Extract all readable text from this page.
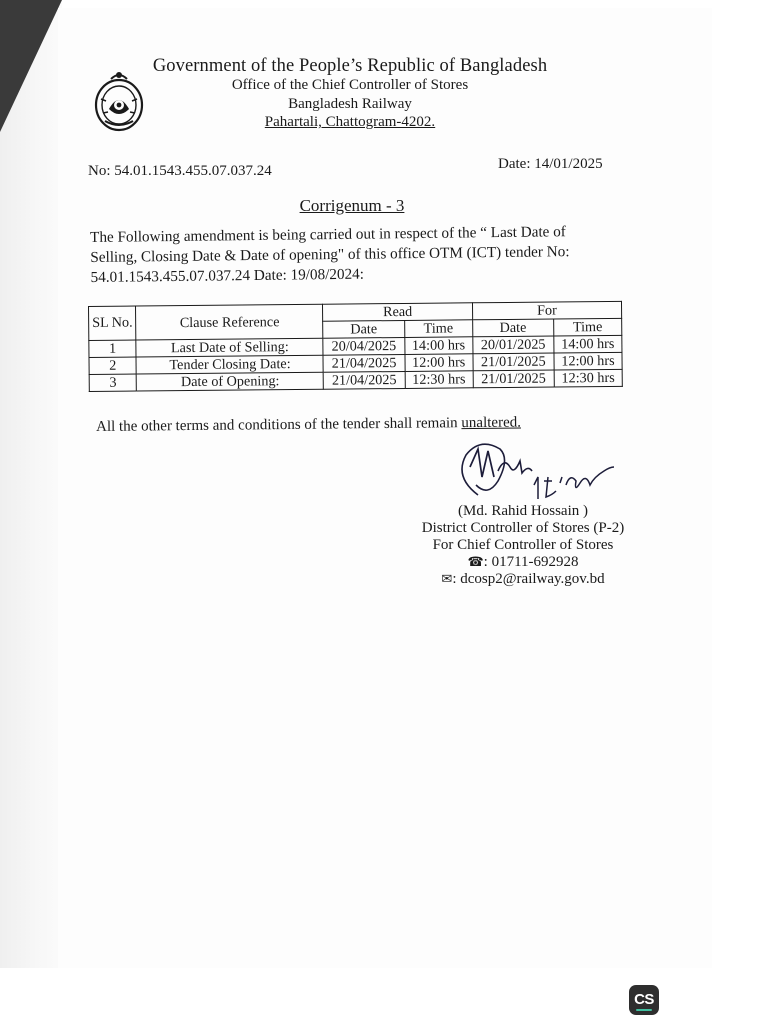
Government of the People’s Republic of Bangladesh
Office of the Chief Controller of Stores
Bangladesh Railway
Pahartali, Chattogram-4202.
No: 54.01.1543.455.07.037.24	Date: 14/01/2025
Corrigenum - 3
The Following amendment is being carried out in respect of the “ Last Date of
Selling, Closing Date & Date of opening" of this office OTM (ICT) tender No:
54.01.1543.455.07.037.24 Date: 19/08/2024:
SL No.	Clause Reference	Read		For	
		Date	Time	Date	Time
1	Last Date of Selling:	20/04/2025	14:00 hrs	20/01/2025	14:00 hrs
2	Tender Closing Date:	21/04/2025	12:00 hrs	21/01/2025	12:00 hrs
3	Date of Opening:	21/04/2025	12:30 hrs	21/01/2025	12:30 hrs
All the other terms and conditions of the tender shall remain unaltered.
(Md. Rahid Hossain )
District Controller of Stores (P-2)
For Chief Controller of Stores
☎: 01711-692928
✉: dcosp2@railway.gov.bd
CS
